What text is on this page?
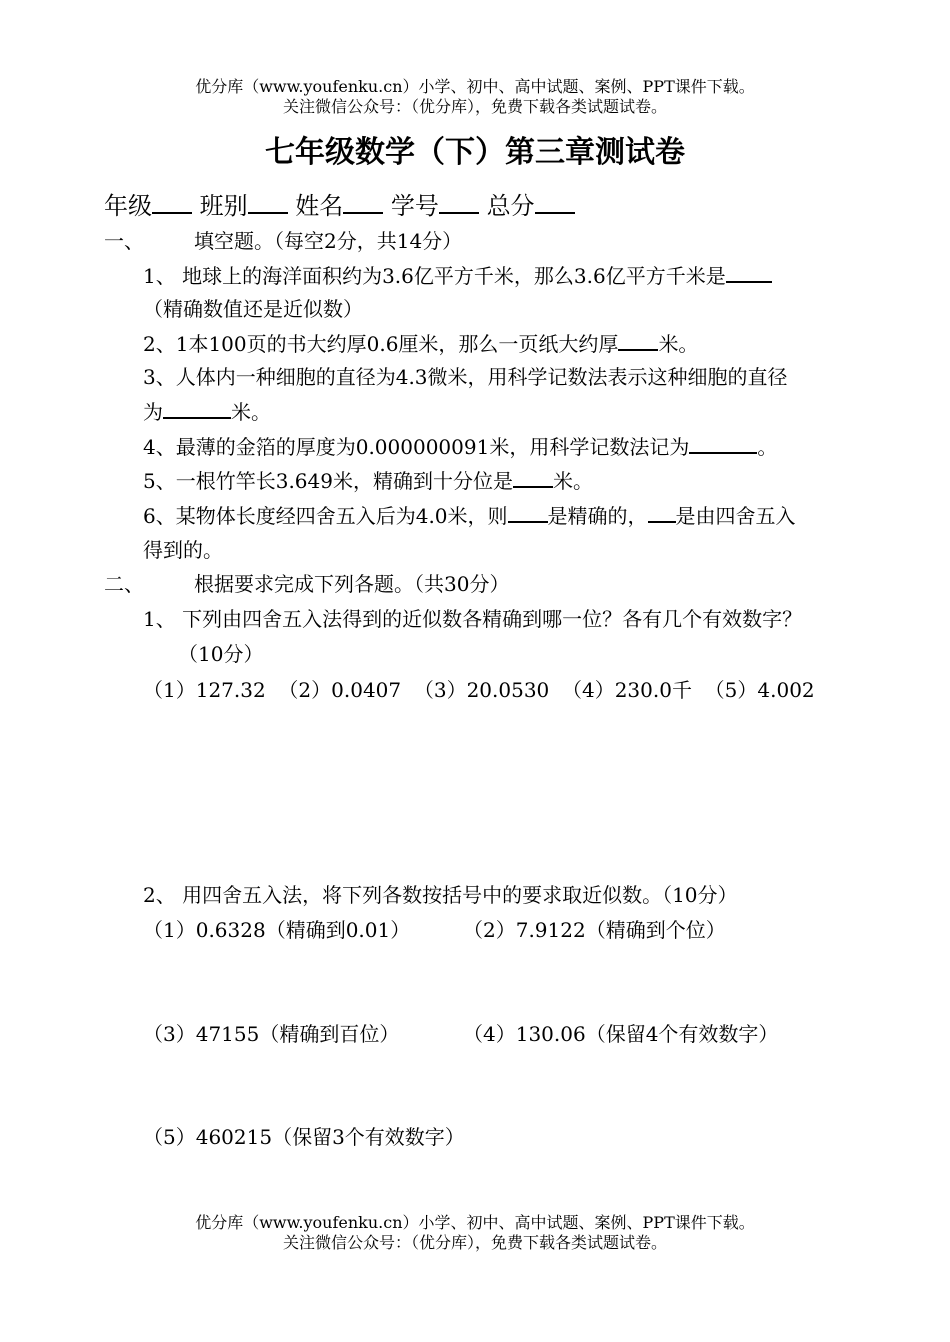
优分库（www.youfenku.cn）小学、初中、高中试题、案例、PPT课件下载。
关注微信公众号：（优分库），免费下载各类试题试卷。
七年级数学（下）第三章测试卷
年级 班别 姓名 学号 总分
一、	填空题。（每空2分，共14分）
1、 地球上的海洋面积约为3.6亿平方千米，那么3.6亿平方千米是
（精确数值还是近似数）
2、1本100页的书大约厚0.6厘米，那么一页纸大约厚 米。
3、人体内一种细胞的直径为4.3微米，用科学记数法表示这种细胞的直径
为	米。
4、最薄的金箔的厚度为0.000000091米，用科学记数法记为	。
5、一根竹竿长3.649米，精确到十分位是 米。
6、某物体长度经四舍五入后为4.0米，则 是精确的， 是由四舍五入
得到的。
二、	根据要求完成下列各题。（共30分）
1、 下列由四舍五入法得到的近似数各精确到哪一位？各有几个有效数字？
（10分）
（1）127.32  （2）0.0407  （3）20.0530  （4）230.0千  （5）4.002
2、 用四舍五入法，将下列各数按括号中的要求取近似数。（10分）
（1）0.6328（精确到0.01）	（2）7.9122（精确到个位）
（3）47155（精确到百位）	（4）130.06（保留4个有效数字）
（5）460215（保留3个有效数字）
优分库（www.youfenku.cn）小学、初中、高中试题、案例、PPT课件下载。
关注微信公众号：（优分库），免费下载各类试题试卷。
